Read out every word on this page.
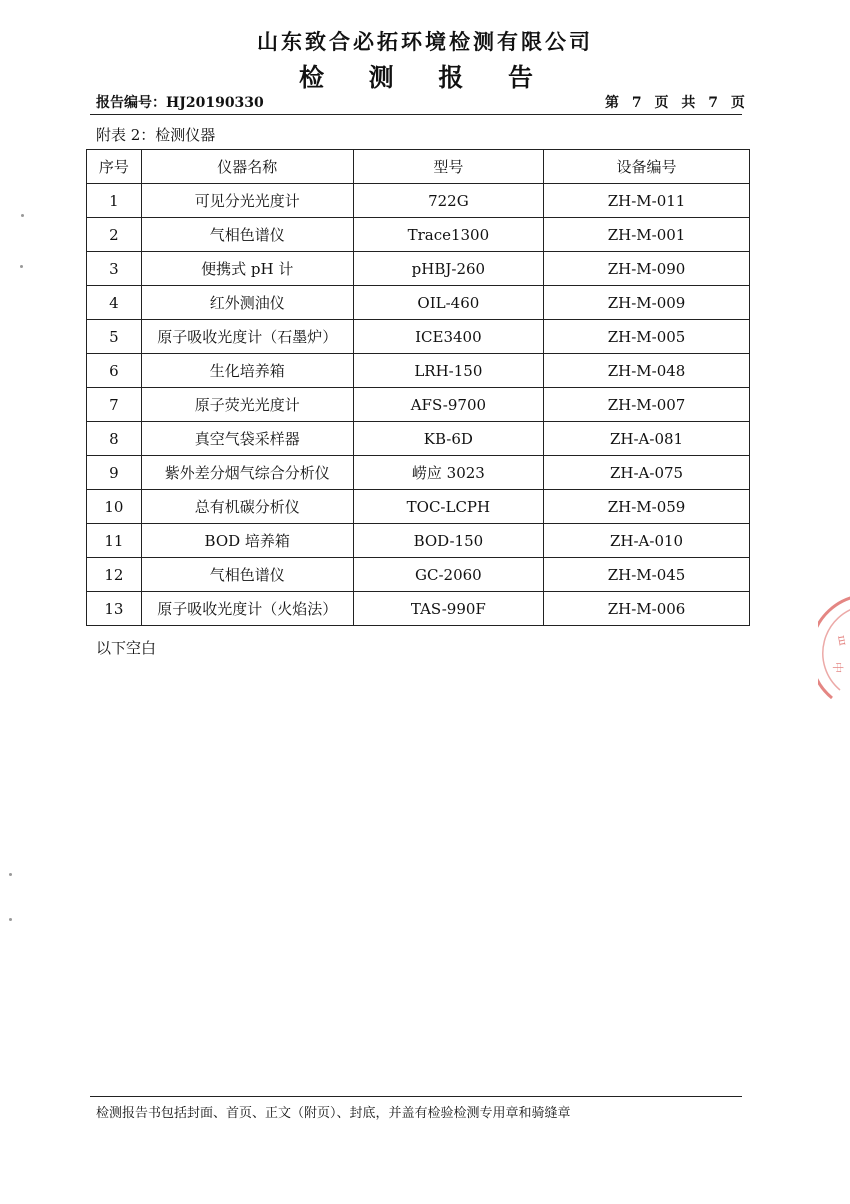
山东致合必拓环境检测有限公司
检 测 报 告
报告编号：HJ20190330	第 7 页 共 7 页
附表 2：检测仪器
序号	仪器名称	型号	设备编号
1	可见分光光度计	722G	ZH-M-011
2	气相色谱仪	Trace1300	ZH-M-001
3	便携式 pH 计	pHBJ-260	ZH-M-090
4	红外测油仪	OIL-460	ZH-M-009
5	原子吸收光度计（石墨炉）	ICE3400	ZH-M-005
6	生化培养箱	LRH-150	ZH-M-048
7	原子荧光光度计	AFS-9700	ZH-M-007
8	真空气袋采样器	KB-6D	ZH-A-081
9	紫外差分烟气综合分析仪	崂应 3023	ZH-A-075
10	总有机碳分析仪	TOC-LCPH	ZH-M-059
11	BOD 培养箱	BOD-150	ZH-A-010
12	气相色谱仪	GC-2060	ZH-M-045
13	原子吸收光度计（火焰法）	TAS-990F	ZH-M-006
以下空白
检测报告书包括封面、首页、正文（附页）、封底，并盖有检验检测专用章和骑缝章
ш
中
